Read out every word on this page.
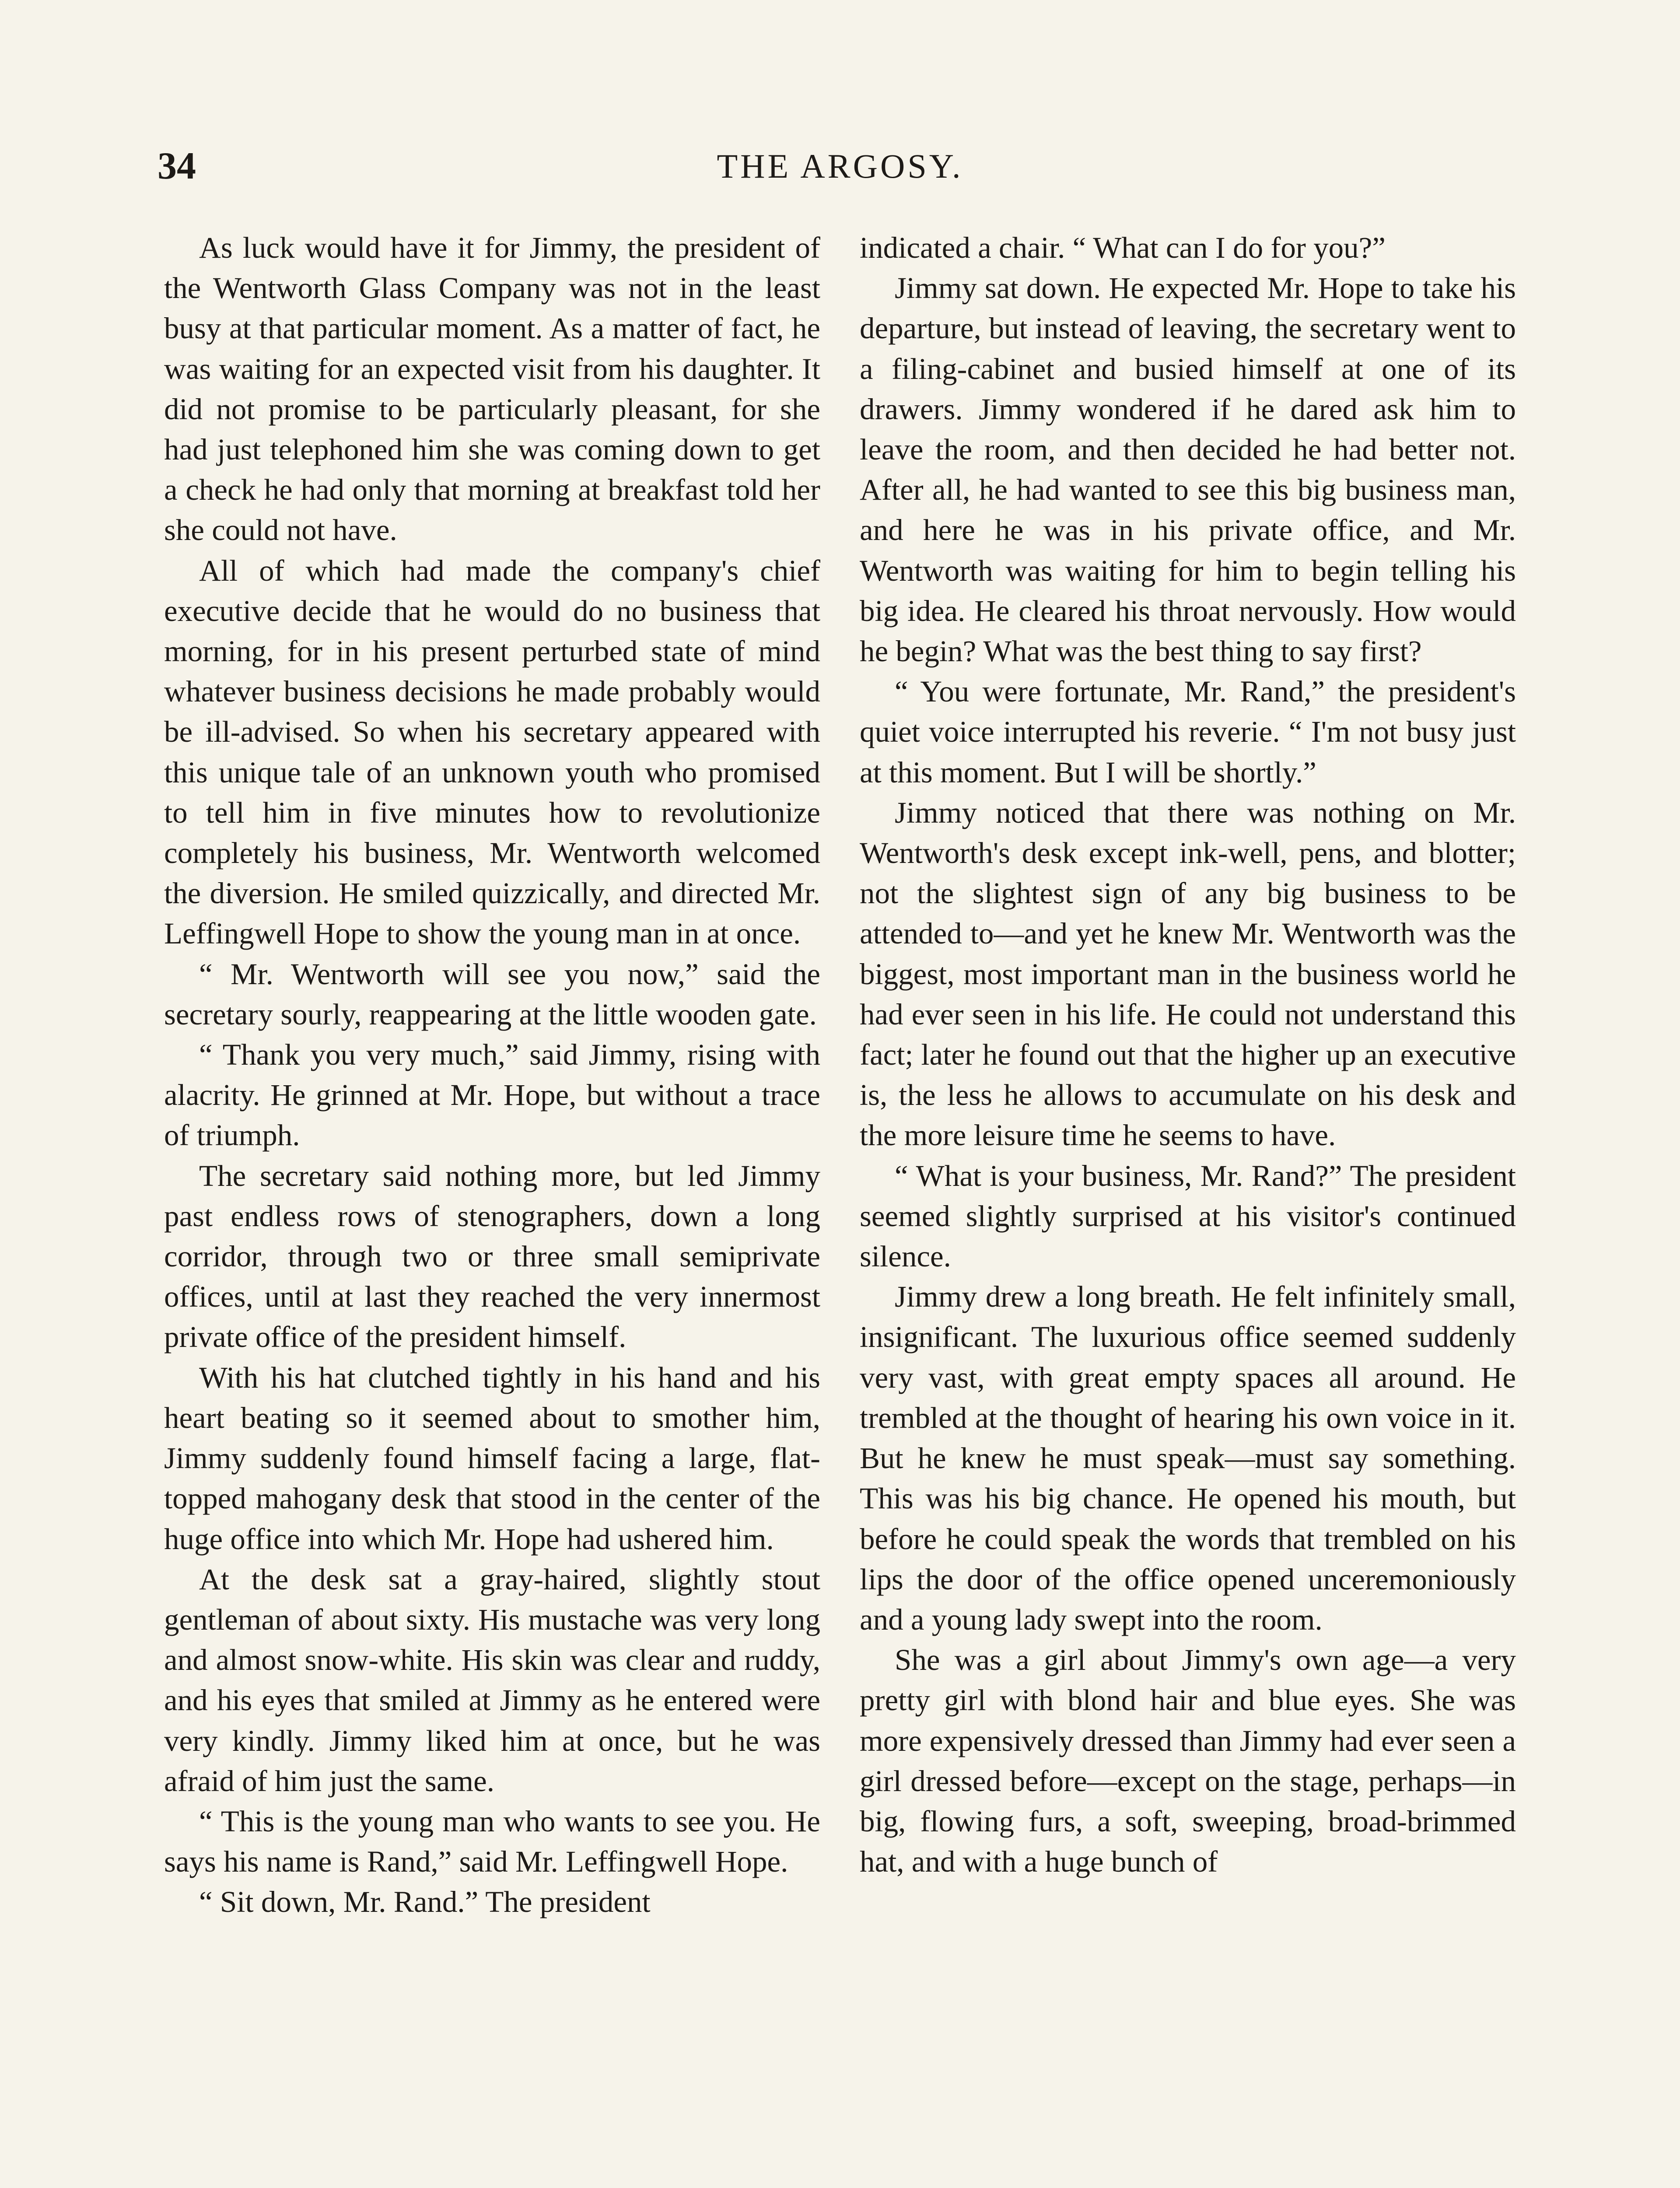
34	THE ARGOSY.

As luck would have it for Jimmy, the president of the Wentworth Glass Company was not in the least busy at that particular moment. As a matter of fact, he was waiting for an expected visit from his daughter. It did not promise to be particularly pleasant, for she had just telephoned him she was coming down to get a check he had only that morning at breakfast told her she could not have.

All of which had made the company's chief executive decide that he would do no business that morning, for in his present perturbed state of mind whatever business decisions he made probably would be ill-advised. So when his secretary appeared with this unique tale of an unknown youth who promised to tell him in five minutes how to revolutionize completely his business, Mr. Wentworth welcomed the diversion. He smiled quizzically, and directed Mr. Leffingwell Hope to show the young man in at once.

“ Mr. Wentworth will see you now,” said the secretary sourly, reappearing at the little wooden gate.

“ Thank you very much,” said Jimmy, rising with alacrity. He grinned at Mr. Hope, but without a trace of triumph.

The secretary said nothing more, but led Jimmy past endless rows of stenographers, down a long corridor, through two or three small semiprivate offices, until at last they reached the very innermost private office of the president himself.

With his hat clutched tightly in his hand and his heart beating so it seemed about to smother him, Jimmy suddenly found himself facing a large, flat-topped mahogany desk that stood in the center of the huge office into which Mr. Hope had ushered him.

At the desk sat a gray-haired, slightly stout gentleman of about sixty. His mustache was very long and almost snow-white. His skin was clear and ruddy, and his eyes that smiled at Jimmy as he entered were very kindly. Jimmy liked him at once, but he was afraid of him just the same.

“ This is the young man who wants to see you. He says his name is Rand,” said Mr. Leffingwell Hope.

“ Sit down, Mr. Rand.” The president

indicated a chair. “ What can I do for you?”

Jimmy sat down. He expected Mr. Hope to take his departure, but instead of leaving, the secretary went to a filing-cabinet and busied himself at one of its drawers. Jimmy wondered if he dared ask him to leave the room, and then decided he had better not. After all, he had wanted to see this big business man, and here he was in his private office, and Mr. Wentworth was waiting for him to begin telling his big idea. He cleared his throat nervously. How would he begin? What was the best thing to say first?

“ You were fortunate, Mr. Rand,” the president's quiet voice interrupted his reverie. “ I'm not busy just at this moment. But I will be shortly.”

Jimmy noticed that there was nothing on Mr. Wentworth's desk except ink-well, pens, and blotter; not the slightest sign of any big business to be attended to—and yet he knew Mr. Wentworth was the biggest, most important man in the business world he had ever seen in his life. He could not understand this fact; later he found out that the higher up an executive is, the less he allows to accumulate on his desk and the more leisure time he seems to have.

“ What is your business, Mr. Rand?” The president seemed slightly surprised at his visitor's continued silence.

Jimmy drew a long breath. He felt infinitely small, insignificant. The luxurious office seemed suddenly very vast, with great empty spaces all around. He trembled at the thought of hearing his own voice in it. But he knew he must speak—must say something. This was his big chance. He opened his mouth, but before he could speak the words that trembled on his lips the door of the office opened unceremoniously and a young lady swept into the room.

She was a girl about Jimmy's own age—a very pretty girl with blond hair and blue eyes. She was more expensively dressed than Jimmy had ever seen a girl dressed before—except on the stage, perhaps—in big, flowing furs, a soft, sweeping, broad-brimmed hat, and with a huge bunch of
